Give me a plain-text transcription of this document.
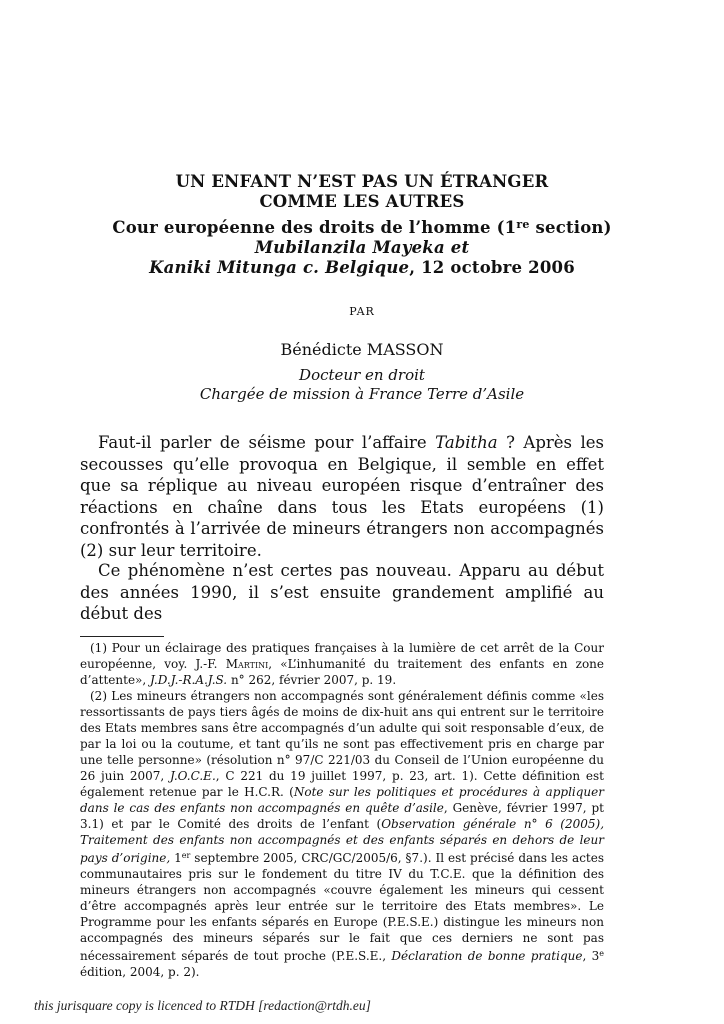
UN ENFANT N’EST PAS UN ÉTRANGER
COMME LES AUTRES
Cour européenne des droits de l’homme (1re section)
Mubilanzila Mayeka et
Kaniki Mitunga c. Belgique, 12 octobre 2006
PAR
Bénédicte MASSON
Docteur en droit
Chargée de mission à France Terre d’Asile

Faut-il parler de séisme pour l’affaire Tabitha ? Après les secousses qu’elle provoqua en Belgique, il semble en effet que sa réplique au niveau européen risque d’entraîner des réactions en chaîne dans tous les Etats européens (1) confrontés à l’arrivée de mineurs étrangers non accompagnés (2) sur leur territoire.

Ce phénomène n’est certes pas nouveau. Apparu au début des années 1990, il s’est ensuite grandement amplifié au début des

(1) Pour un éclairage des pratiques françaises à la lumière de cet arrêt de la Cour européenne, voy. J.-F. Martini, «L’inhumanité du traitement des enfants en zone d’attente», J.D.J.-R.A.J.S. n° 262, février 2007, p. 19.

(2) Les mineurs étrangers non accompagnés sont généralement définis comme «les ressortissants de pays tiers âgés de moins de dix-huit ans qui entrent sur le territoire des Etats membres sans être accompagnés d’un adulte qui soit responsable d’eux, de par la loi ou la coutume, et tant qu’ils ne sont pas effectivement pris en charge par une telle personne» (résolution n° 97/C 221/03 du Conseil de l’Union européenne du 26 juin 2007, J.O.C.E., C 221 du 19 juillet 1997, p. 23, art. 1). Cette définition est également retenue par le H.C.R. (Note sur les politiques et procédures à appliquer dans le cas des enfants non accompagnés en quête d’asile, Genève, février 1997, pt 3.1) et par le Comité des droits de l’enfant (Observation générale n° 6 (2005), Traitement des enfants non accompagnés et des enfants séparés en dehors de leur pays d’origine, 1er septembre 2005, CRC/GC/2005/6, §7.). Il est précisé dans les actes communautaires pris sur le fondement du titre IV du T.C.E. que la définition des mineurs étrangers non accompagnés «couvre également les mineurs qui cessent d’être accompagnés après leur entrée sur le territoire des Etats membres». Le Programme pour les enfants séparés en Europe (P.E.S.E.) distingue les mineurs non accompagnés des mineurs séparés sur le fait que ces derniers ne sont pas nécessairement séparés de tout proche (P.E.S.E., Déclaration de bonne pratique, 3e édition, 2004, p. 2).

this jurisquare copy is licenced to RTDH [redaction@rtdh.eu]
